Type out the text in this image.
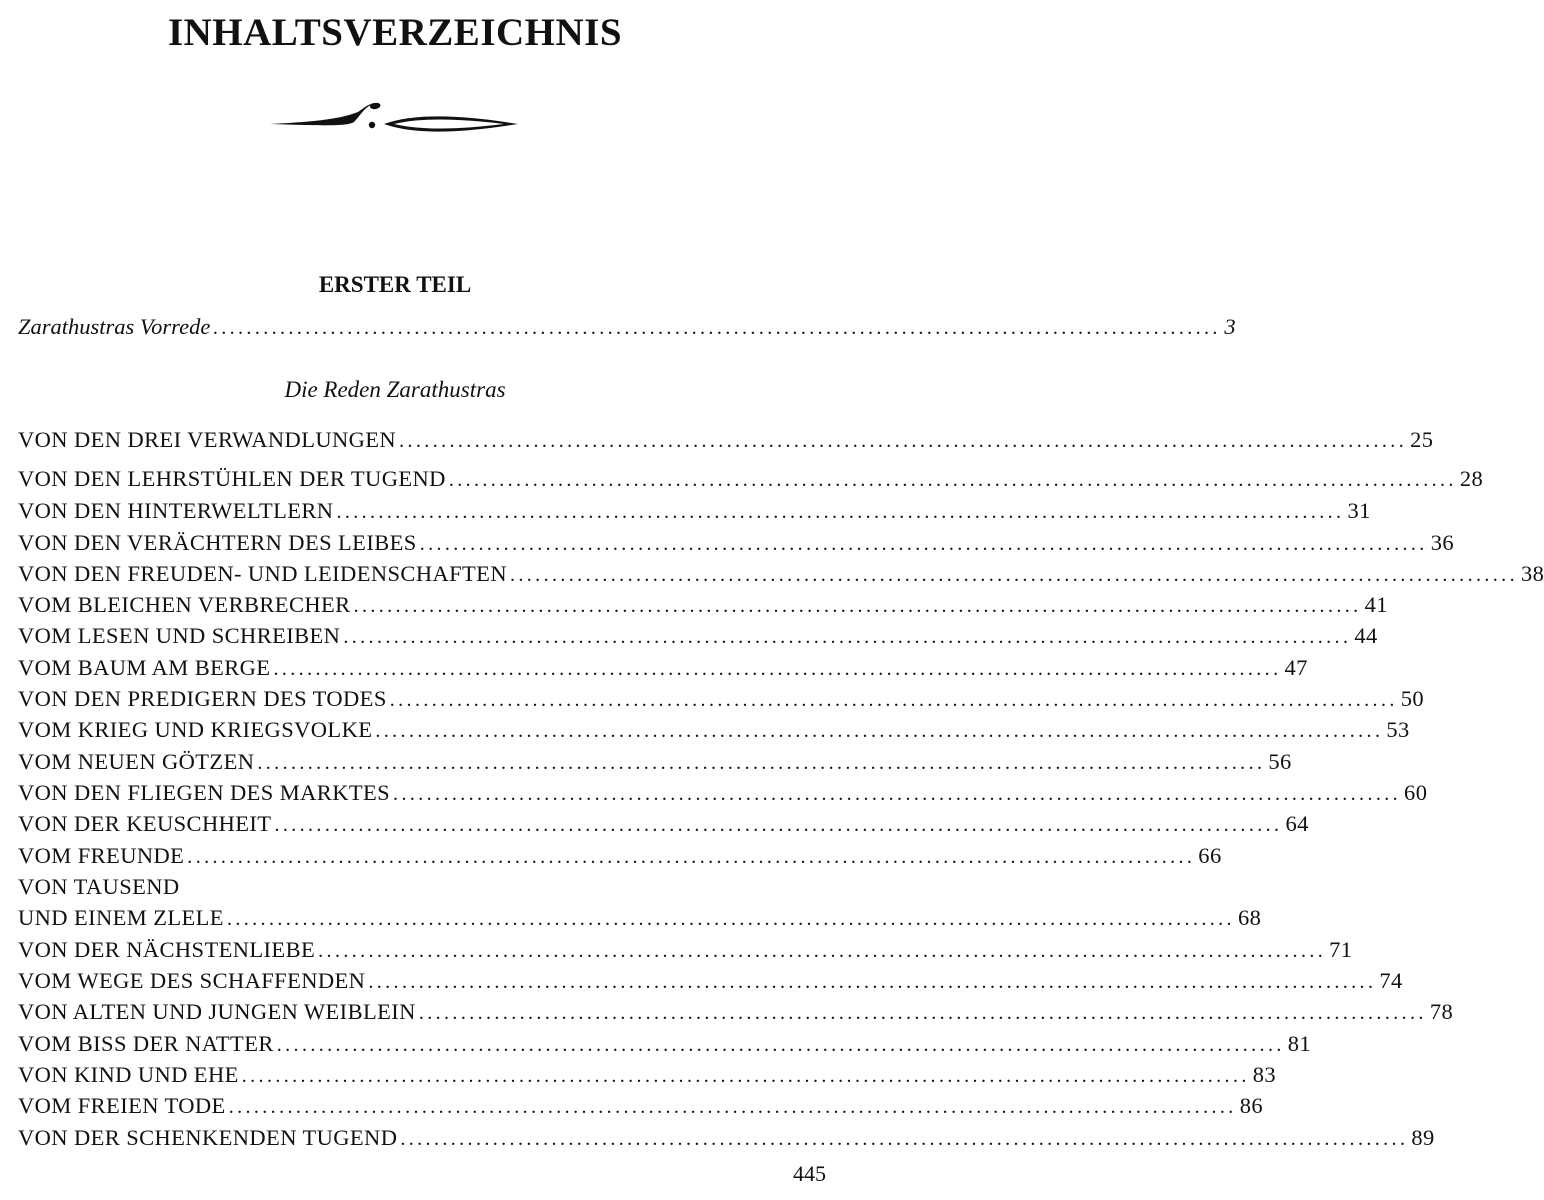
INHALTSVERZEICHNIS
ERSTER TEIL
Zarathustras Vorrede ........................................................................................................................ 3
Die Reden Zarathustras
VON DEN DREI VERWANDLUNGEN ........................................................................................................................ 25
VON DEN LEHRSTÜHLEN DER TUGEND ........................................................................................................................ 28
VON DEN HINTERWELTLERN ........................................................................................................................ 31
VON DEN VERÄCHTERN DES LEIBES ........................................................................................................................ 36
VON DEN FREUDEN- UND LEIDENSCHAFTEN ........................................................................................................................ 38
VOM BLEICHEN VERBRECHER ........................................................................................................................ 41
VOM LESEN UND SCHREIBEN ........................................................................................................................ 44
VOM BAUM AM BERGE ........................................................................................................................ 47
VON DEN PREDIGERN DES TODES ........................................................................................................................ 50
VOM KRIEG UND KRIEGSVOLKE ........................................................................................................................ 53
VOM NEUEN GÖTZEN ........................................................................................................................ 56
VON DEN FLIEGEN DES MARKTES ........................................................................................................................ 60
VON DER KEUSCHHEIT ........................................................................................................................ 64
VOM FREUNDE ........................................................................................................................ 66
VON TAUSEND
UND EINEM ZLELE ........................................................................................................................ 68
VON DER NÄCHSTENLIEBE ........................................................................................................................ 71
VOM WEGE DES SCHAFFENDEN ........................................................................................................................ 74
VON ALTEN UND JUNGEN WEIBLEIN ........................................................................................................................ 78
VOM BISS DER NATTER ........................................................................................................................ 81
VON KIND UND EHE ........................................................................................................................ 83
VOM FREIEN TODE ........................................................................................................................ 86
VON DER SCHENKENDEN TUGEND ........................................................................................................................ 89
445
